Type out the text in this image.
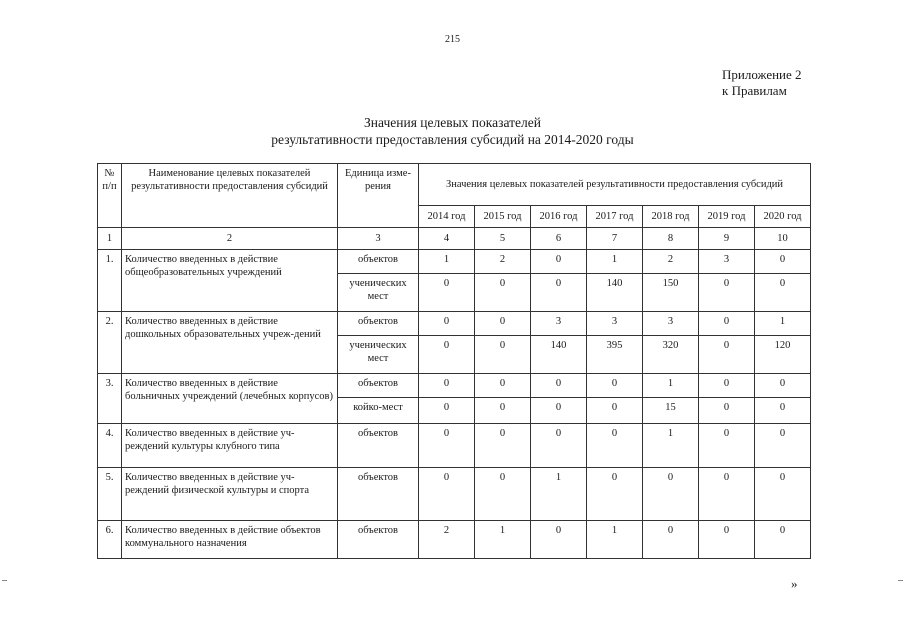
215
Приложение 2
к Правилам
Значения целевых показателей
результативности предоставления субсидий на 2014-2020 годы
№ п/п	Наименование целевых показателей результативности предоставления субсидий	Единица изме-рения	Значения целевых показателей результативности предоставления субсидий						
			2014 год	2015 год	2016 год	2017 год	2018 год	2019 год	2020 год
1	2	3	4	5	6	7	8	9	10
1.	Количество введенных в действие общеобразовательных учреждений	объектов	1	2	0	1	2	3	0
		ученических мест	0	0	0	140	150	0	0
2.	Количество введенных в действие дошкольных образовательных учреж-дений	объектов	0	0	3	3	3	0	1
		ученических мест	0	0	140	395	320	0	120
3.	Количество введенных в действие больничных учреждений (лечебных корпусов)	объектов	0	0	0	0	1	0	0
		койко-мест	0	0	0	0	15	0	0
4.	Количество введенных в действие уч-реждений культуры клубного типа	объектов	0	0	0	0	1	0	0
5.	Количество введенных в действие уч-реждений физической культуры и спорта	объектов	0	0	1	0	0	0	0
6.	Количество введенных в действие объектов коммунального назначения	объектов	2	1	0	1	0	0	0
»
